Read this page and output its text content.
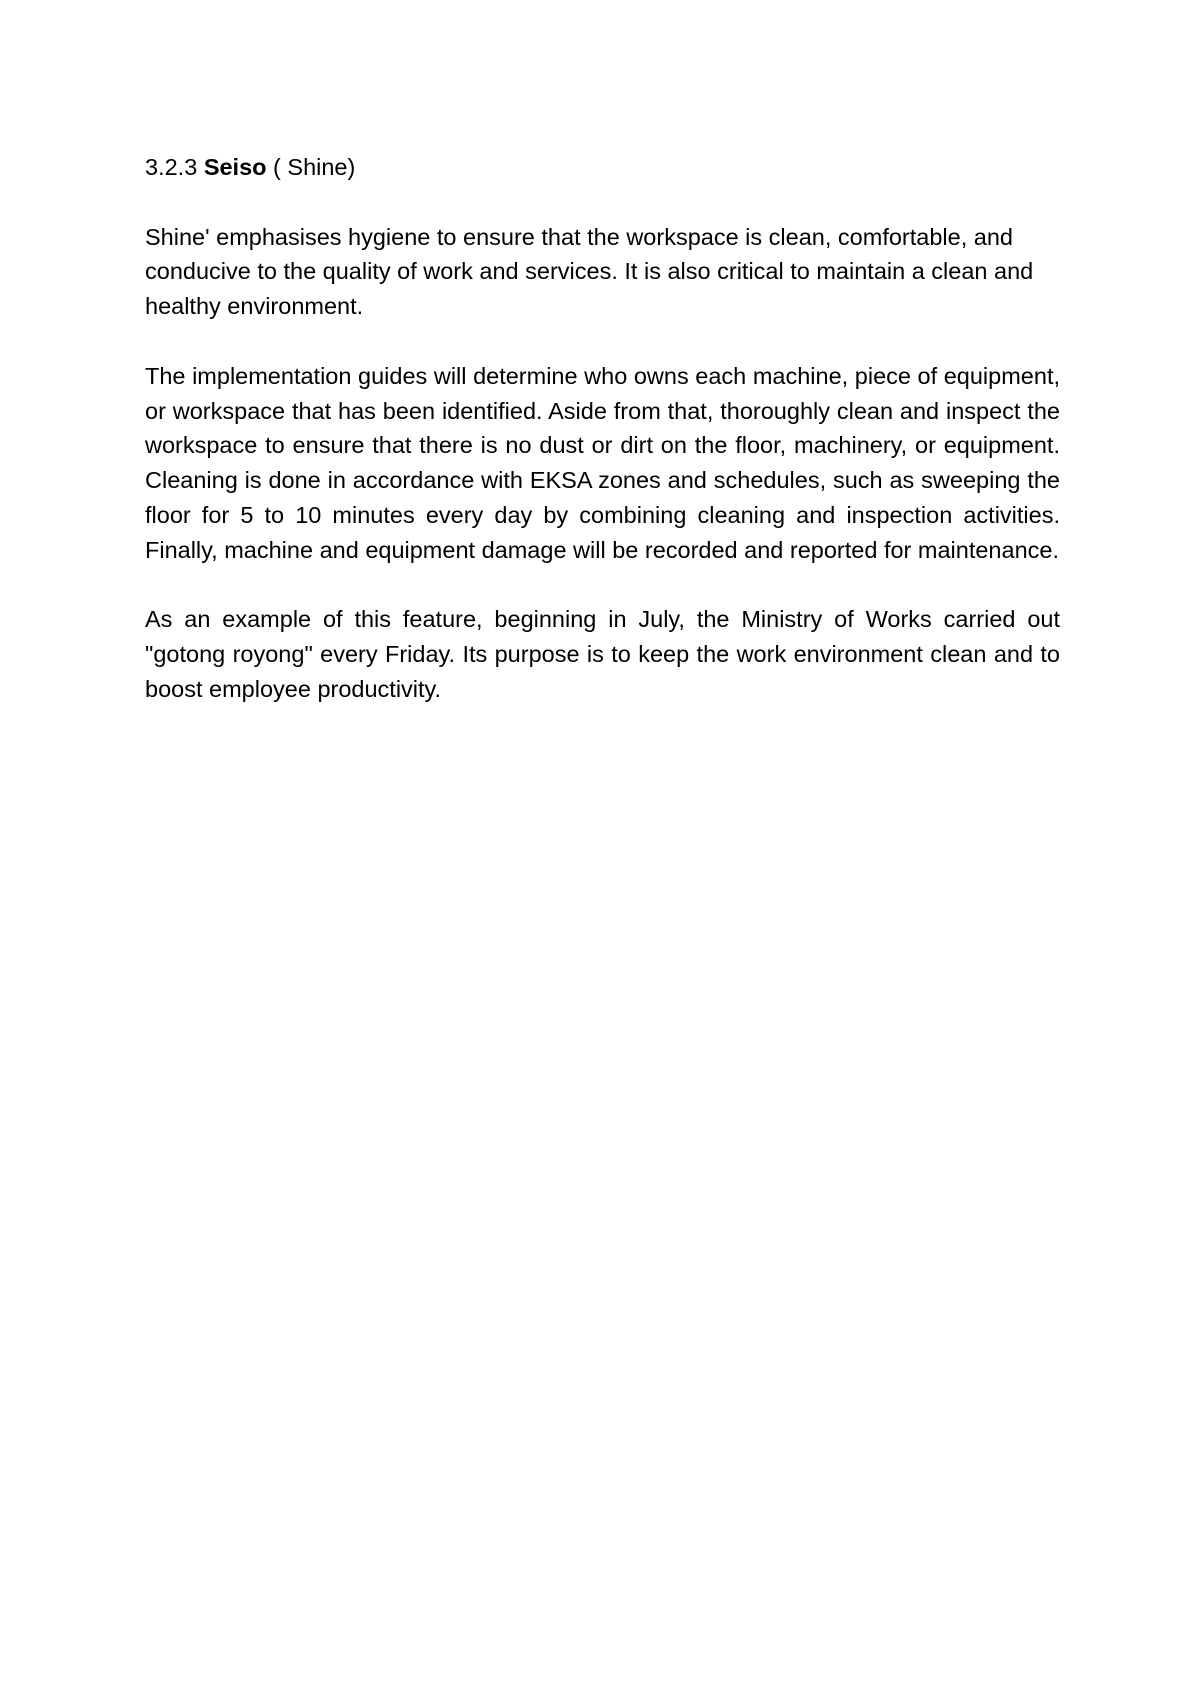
3.2.3 Seiso ( Shine)

Shine' emphasises hygiene to ensure that the workspace is clean, comfortable, and conducive to the quality of work and services. It is also critical to maintain a clean and healthy environment.

The implementation guides will determine who owns each machine, piece of equipment, or workspace that has been identified. Aside from that, thoroughly clean and inspect the workspace to ensure that there is no dust or dirt on the floor, machinery, or equipment. Cleaning is done in accordance with EKSA zones and schedules, such as sweeping the floor for 5 to 10 minutes every day by combining cleaning and inspection activities. Finally, machine and equipment damage will be recorded and reported for maintenance.

As an example of this feature, beginning in July, the Ministry of Works carried out "gotong royong" every Friday. Its purpose is to keep the work environment clean and to boost employee productivity.
